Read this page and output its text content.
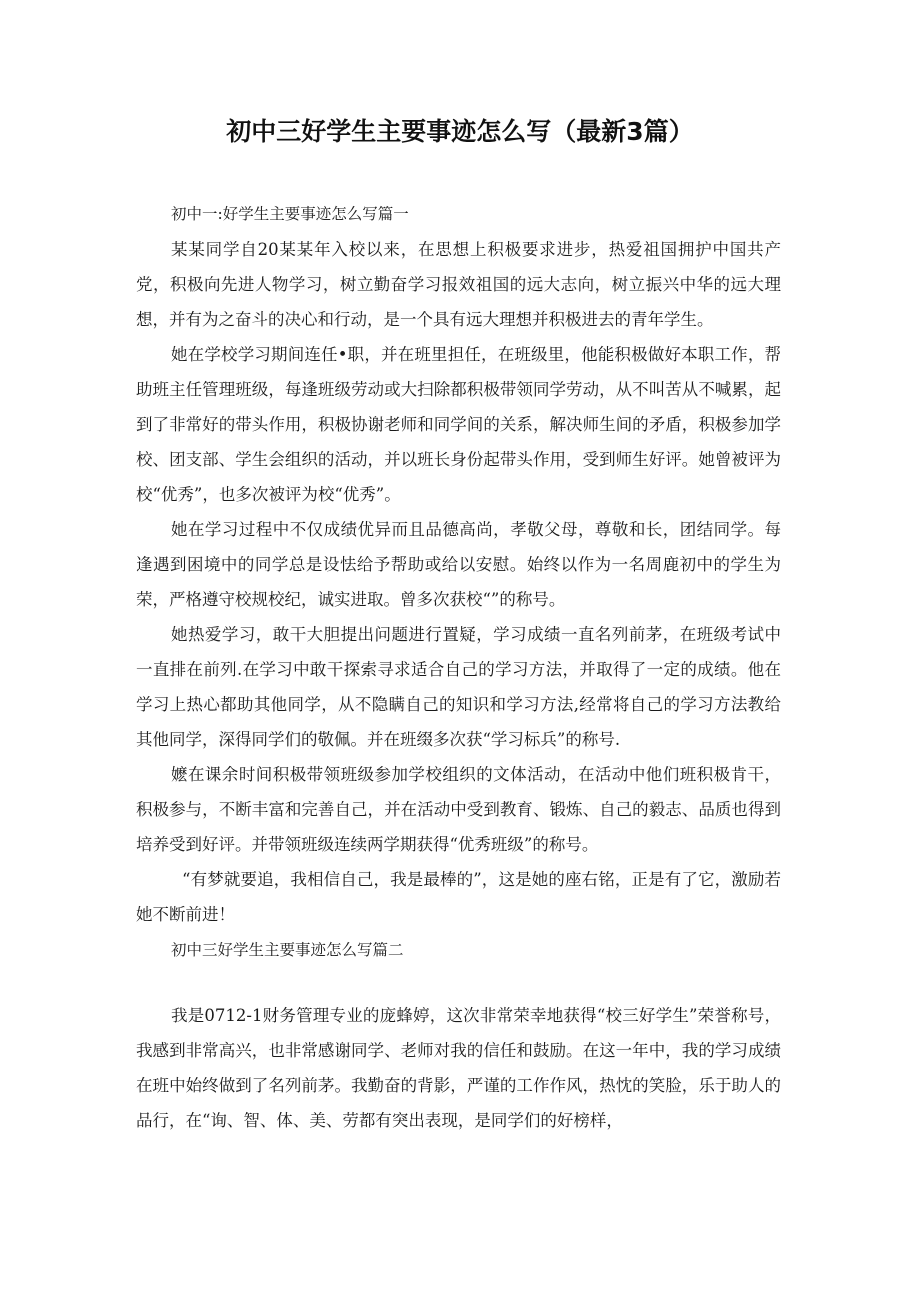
初中三好学生主要事迹怎么写（最新3篇）

初中一:好学生主要事迹怎么写篇一

某某同学自20某某年入校以来，在思想上积极要求进步，热爱祖国拥护中国共产党，积极向先进人物学习，树立勤奋学习报效祖国的远大志向，树立振兴中华的远大理想，并有为之奋斗的决心和行动，是一个具有远大理想并积极进去的青年学生。

她在学校学习期间连任•职，并在班里担任，在班级里，他能积极做好本职工作，帮助班主任管理班级，每逢班级劳动或大扫除都积极带领同学劳动，从不叫苦从不喊累，起到了非常好的带头作用，积极协谢老师和同学间的关系，解决师生间的矛盾，积极参加学校、团支部、学生会组织的活动，并以班长身份起带头作用，受到师生好评。她曾被评为校“优秀”，也多次被评为校“优秀”。

她在学习过程中不仅成绩优异而且品德高尚，孝敬父母，尊敬和长，团结同学。每逢遇到困境中的同学总是设怯给予帮助或给以安慰。始终以作为一名周鹿初中的学生为荣，严格遵守校规校纪，诚实进取。曾多次获校“”的称号。

她热爱学习，敢干大胆提出问题进行置疑，学习成绩一直名列前茅，在班级考试中一直排在前列.在学习中敢干探索寻求适合自己的学习方法，并取得了一定的成绩。他在学习上热心都助其他同学，从不隐瞒自己的知识和学习方法,经常将自己的学习方法教给其他同学，深得同学们的敬佩。并在班缀多次获“学习标兵”的称号.

嬷在课余时间积极带领班级参加学校组织的文体活动，在活动中他们班积极肯干，积极参与，不断丰富和完善自己，并在活动中受到教育、锻炼、自己的毅志、品质也得到培养受到好评。并带领班级连续两学期获得“优秀班级”的称号。

“有梦就要追，我相信自己，我是最棒的”，这是她的座右铭，正是有了它，激励若她不断前进！

初中三好学生主要事迹怎么写篇二

我是0712-1财务管理专业的庞蜂婷，这次非常荣幸地获得“校三好学生”荣誉称号，我感到非常高兴，也非常感谢同学、老师对我的信任和鼓励。在这一年中，我的学习成绩在班中始终做到了名列前茅。我勤奋的背影，严谨的工作作风，热忱的笑脸，乐于助人的品行，在“询、智、体、美、劳都有突出表现，是同学们的好榜样，
